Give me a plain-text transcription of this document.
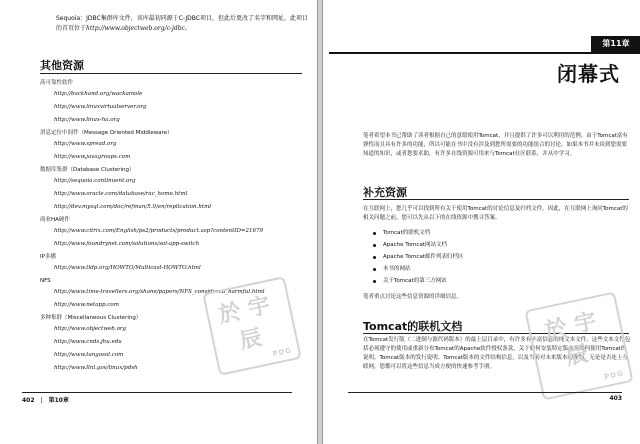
Sequoia：JDBC集群库文件，该库最初同源于C-JDBC项目，但此后更改了名字和网址，此项目的首页位于http://www.objectweb.org/c-jdbc。
其他资源
高可靠性软件
http://backhand.org/wackamole
http://www.linuxvirtualserver.org
http://www.linux-ha.org
消息定位中间件（Message Oriented Middleware）
http://www.spread.org
http://www.javagroups.com
数据库集群（Database Clustering）
http://sequoia.continuent.org
http://www.oracle.com/database/rac_home.html
http://dev.mysql.com/doc/refman/5.0/en/replication.html
商业HA硬件
http://www.citrix.com/English/ps2/products/product.asp?contentID=21679
http://www.foundrynet.com/solutions/sol-app-switch
IP多播
http://www.tldp.org/HOWTO/Multicast-HOWTO.html
NFS
http://www.time-travellers.org/shane/papers/NFS_considered_harmful.html
http://www.netapp.com
多种集群（Miscellaneous Clustering）
http://www.objectweb.org
http://www.cnds.jhu.edu
http://www.tangosol.com
http://www.llnl.gov/linux/pdsh
於宇辰 PDG
402 | 第10章
第11章
闭幕式
笔者希望本书已帮助了读者根据自己的意愿使用Tomcat，并且提供了许多可以利用的范例。由于Tomcat富有弹性而且具有许多的功能，所以可能在书中没有涉及到您所需要的功能组合的讨论。如果本书并未谈到您需要知道的知识，或者您要求助，有许多在线资源可用来与Tomcat社区联系，并从中学习。
补充资源
在互联网上，您几乎可以找到所有关于使用Tomcat的讨论信息及归档文件。因此，在互联网上询问Tomcat的相关问题之前，您可以先从以下的在线资源中搜寻答案。
Tomcat的联机文档
Apache Tomcat网站文档
Apache Tomcat邮件列表归档区
本书的网站
关于Tomcat的第三方网站
笔者重点讨论这些信息资源的详细信息。
Tomcat的联机文档
在Tomcat发行版（二进制与源代码版本）的最上层目录中，有许多有丰富信息的纯文本文件。这些文本文件包括必须遵守的使用或重新分布Tomcat的Apache软件授权条款，关于如何安装特定版本及如何使用Tomcat的说明、Tomcat版本的发行说明、Tomcat版本的文件结构信息，以及当前对未来版本的规划。无论是否连上互联网，您都可以将这些信息当成方便的快速参考手册。
於宇辰
PDG
403
